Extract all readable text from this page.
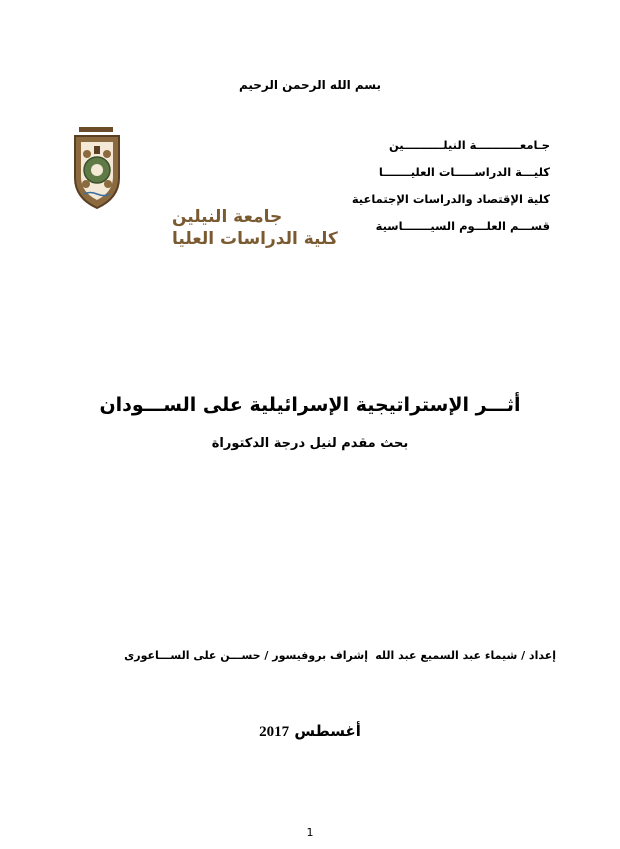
بسم الله الرحمن الرحيم
جـامعـــــــــــة النيلــــــــــين
كليـــة الدراســـــات العليـــــــا
كلية الإقتصاد والدراسات الإجتماعية
قســـم العلـــوم السيـــــــاسية
جامعة النيلين
كلية الدراسات العليا
أثـــر الإستراتيجية الإسرائيلية على الســـودان
بحث مقدم لنيل درجة الدكتوراة
إعداد / شيماء عبد السميع عبد الله
إشراف بروفيسور / حســـن على الســـاعورى
أغسطس 2017
1
